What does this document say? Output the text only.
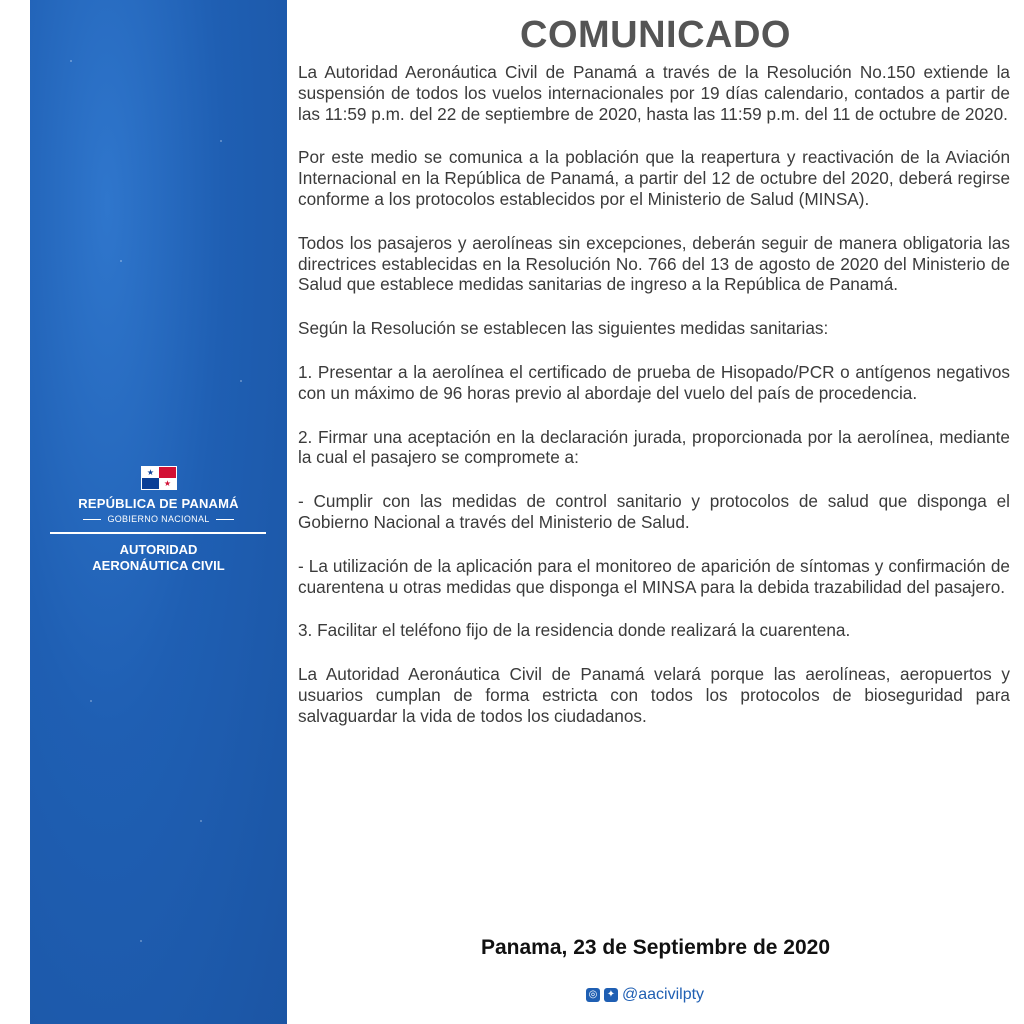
★
★
REPÚBLICA DE PANAMÁ
GOBIERNO NACIONAL
AUTORIDAD
AERONÁUTICA CIVIL
COMUNICADO

La Autoridad Aeronáutica Civil de Panamá a través de la Resolución No.150 extiende la suspensión de todos los vuelos internacionales por 19 días calendario, contados a partir de las 11:59 p.m. del 22 de septiembre de 2020, hasta las 11:59 p.m. del 11 de octubre de 2020.

Por este medio se comunica a la población que la reapertura y reactivación de la Aviación Internacional en la República de Panamá, a partir del 12 de octubre del 2020, deberá regirse conforme a los protocolos establecidos por el Ministerio de Salud (MINSA).

Todos los pasajeros y aerolíneas sin excepciones, deberán seguir de manera obligatoria las directrices establecidas en la Resolución No. 766 del 13 de agosto de 2020 del Ministerio de Salud que establece medidas sanitarias de ingreso a la República de Panamá.

Según la Resolución se establecen las siguientes medidas sanitarias:

1. Presentar a la aerolínea el certificado de prueba de Hisopado/PCR o antígenos negativos con un máximo de 96 horas previo al abordaje del vuelo del país de procedencia.

2. Firmar una aceptación en la declaración jurada, proporcionada por la aerolínea, mediante la cual el pasajero se compromete a:

- Cumplir con las medidas de control sanitario y protocolos de salud que disponga el Gobierno Nacional a través del Ministerio de Salud.

- La utilización de la aplicación para el monitoreo de aparición de síntomas y confirmación de cuarentena u otras medidas que disponga el MINSA para la debida trazabilidad del pasajero.

3. Facilitar el teléfono fijo de la residencia donde realizará la cuarentena.

La Autoridad Aeronáutica Civil de Panamá velará porque las aerolíneas, aeropuertos y usuarios cumplan de forma estricta con todos los protocolos de bioseguridad para salvaguardar la vida de todos los ciudadanos.

Panama, 23 de Septiembre de 2020
◎ ✦ @aacivilpty
